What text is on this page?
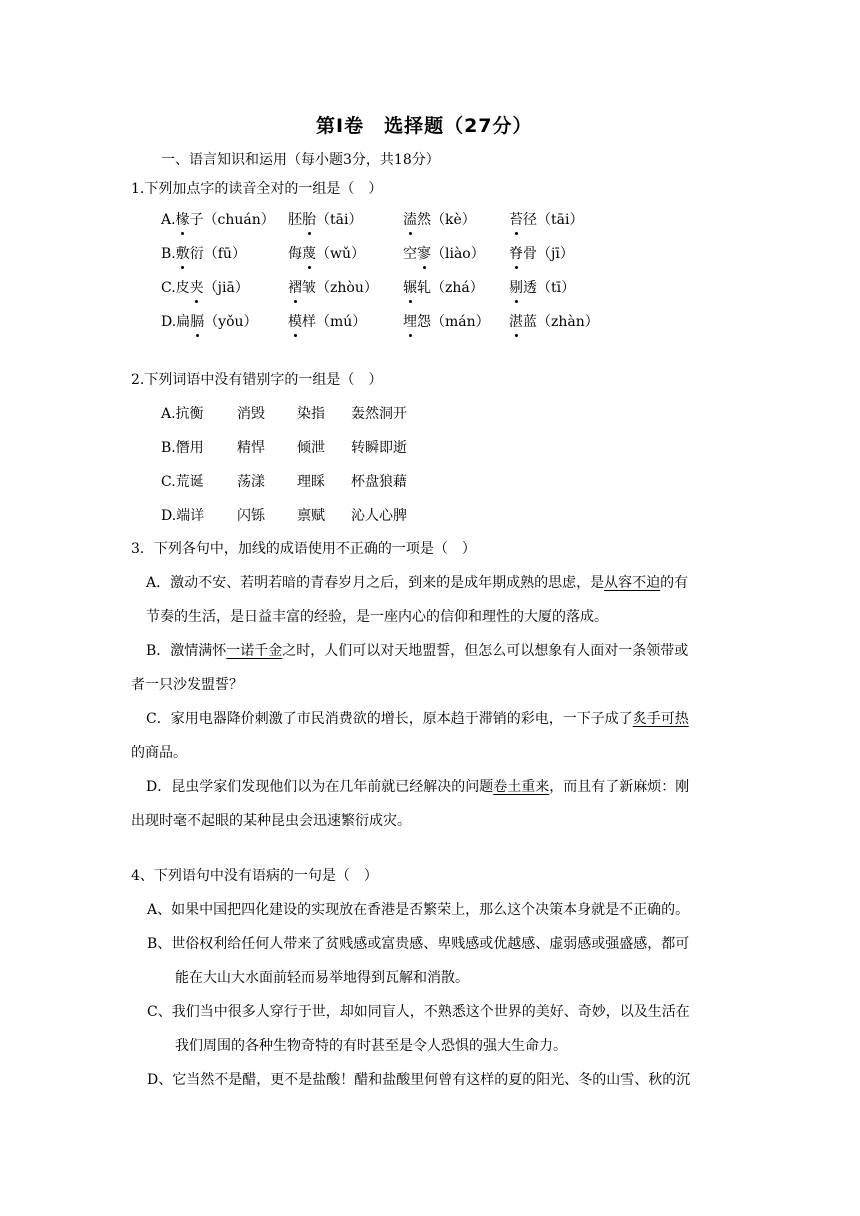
第Ⅰ卷　选择题（27分）
一、语言知识和运用（每小题3分，共18分）
1.下列加点字的读音全对的一组是（　）
A.椽子（chuán） 胚胎（tāi）	溘然（kè） 苔径（tāi）
B.敷衍（fū）	侮蔑（wǔ）	空寥（liào） 脊骨（jī）
C.皮夹（jiā）	褶皱（zhòu） 辗轧（zhá） 剔透（tī）
D.扁膈（yǒu） 模样（mú）	埋怨（mán） 湛蓝（zhàn）
2.下列词语中没有错别字的一组是（　）
A.抗衡 消毁 染指 轰然洞开
B.僭用 精悍 倾泄 转瞬即逝
C.荒诞 荡漾 理睬 杯盘狼藉
D.端详 闪铄 禀赋 沁人心脾
3．下列各句中，加线的成语使用不正确的一项是（　）
A．激动不安、若明若暗的青春岁月之后，到来的是成年期成熟的思虑，是从容不迫的有
节奏的生活，是日益丰富的经验，是一座内心的信仰和理性的大厦的落成。
B．激情满怀一诺千金之时，人们可以对天地盟誓，但怎么可以想象有人面对一条领带或
者一只沙发盟誓？
C．家用电器降价刺激了市民消费欲的增长，原本趋于滞销的彩电，一下子成了炙手可热
的商品。
D．昆虫学家们发现他们以为在几年前就已经解决的问题卷土重来，而且有了新麻烦：刚
出现时毫不起眼的某种昆虫会迅速繁衍成灾。
4、下列语句中没有语病的一句是（　）
A、如果中国把四化建设的实现放在香港是否繁荣上，那么这个决策本身就是不正确的。
B、世俗权利给任何人带来了贫贱感或富贵感、卑贱感或优越感、虚弱感或强盛感，都可
能在大山大水面前轻而易举地得到瓦解和消散。
C、我们当中很多人穿行于世，却如同盲人，不熟悉这个世界的美好、奇妙，以及生活在
我们周围的各种生物奇特的有时甚至是令人恐惧的强大生命力。
D、它当然不是醋，更不是盐酸！醋和盐酸里何曾有这样的夏的阳光、冬的山雪、秋的沉
